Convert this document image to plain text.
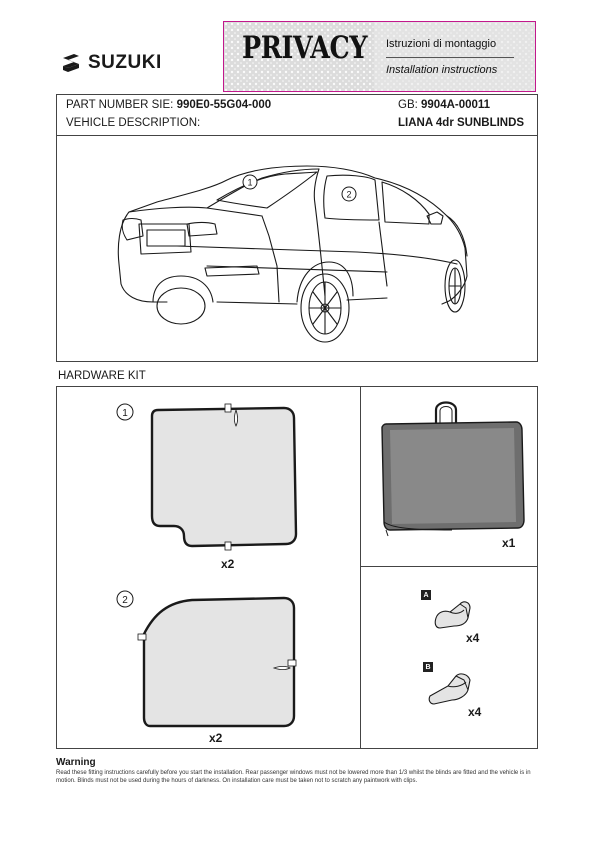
SUZUKI	PRIVACY Istruzioni di montaggio
Installation instructions
PART NUMBER SIE: 990E0-55G04-000
VEHICLE DESCRIPTION:
GB: 9904A-00011
LIANA 4dr SUNBLINDS
1
2
HARDWARE KIT
1
x2
2
x2
x1
A
x4
B
x4
Warning
Read these fitting instructions carefully before you start the installation. Rear passenger windows must not be lowered more than 1/3 whilst the blinds are fitted and the vehicle is in motion. Blinds must not be used during the hours of darkness. On installation care must be taken not to scratch any paintwork with clips.
